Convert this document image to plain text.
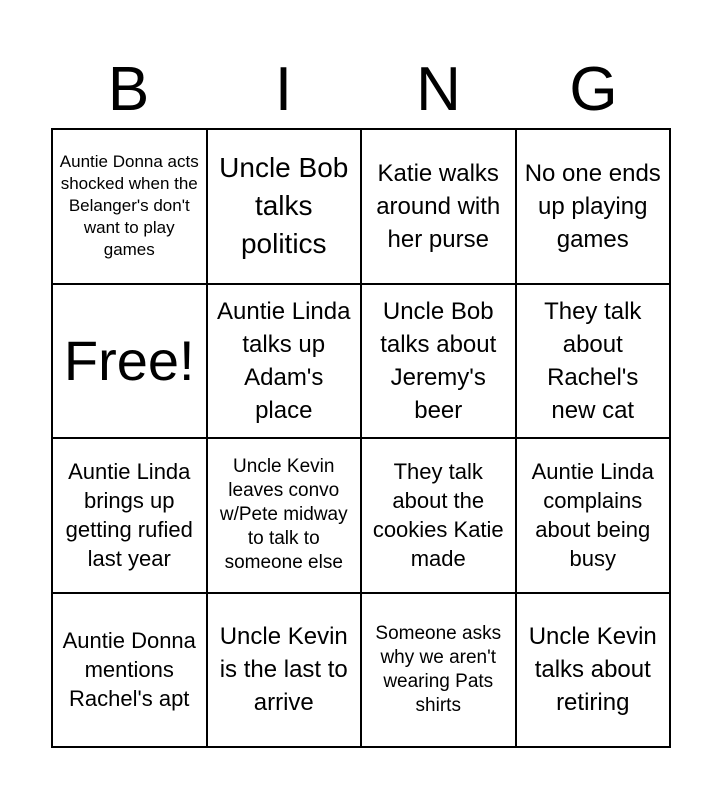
B	I	N	G
Auntie Donna acts shocked when the Belanger's don't want to play games
Uncle Bob talks politics
Katie walks around with her purse
No one ends up playing games
Free!
Auntie Linda talks up Adam's place
Uncle Bob talks about Jeremy's beer
They talk about Rachel's new cat
Auntie Linda brings up getting rufied last year
Uncle Kevin leaves convo w/Pete midway to talk to someone else
They talk about the cookies Katie made
Auntie Linda complains about being busy
Auntie Donna mentions Rachel's apt
Uncle Kevin is the last to arrive
Someone asks why we aren't wearing Pats shirts
Uncle Kevin talks about retiring
